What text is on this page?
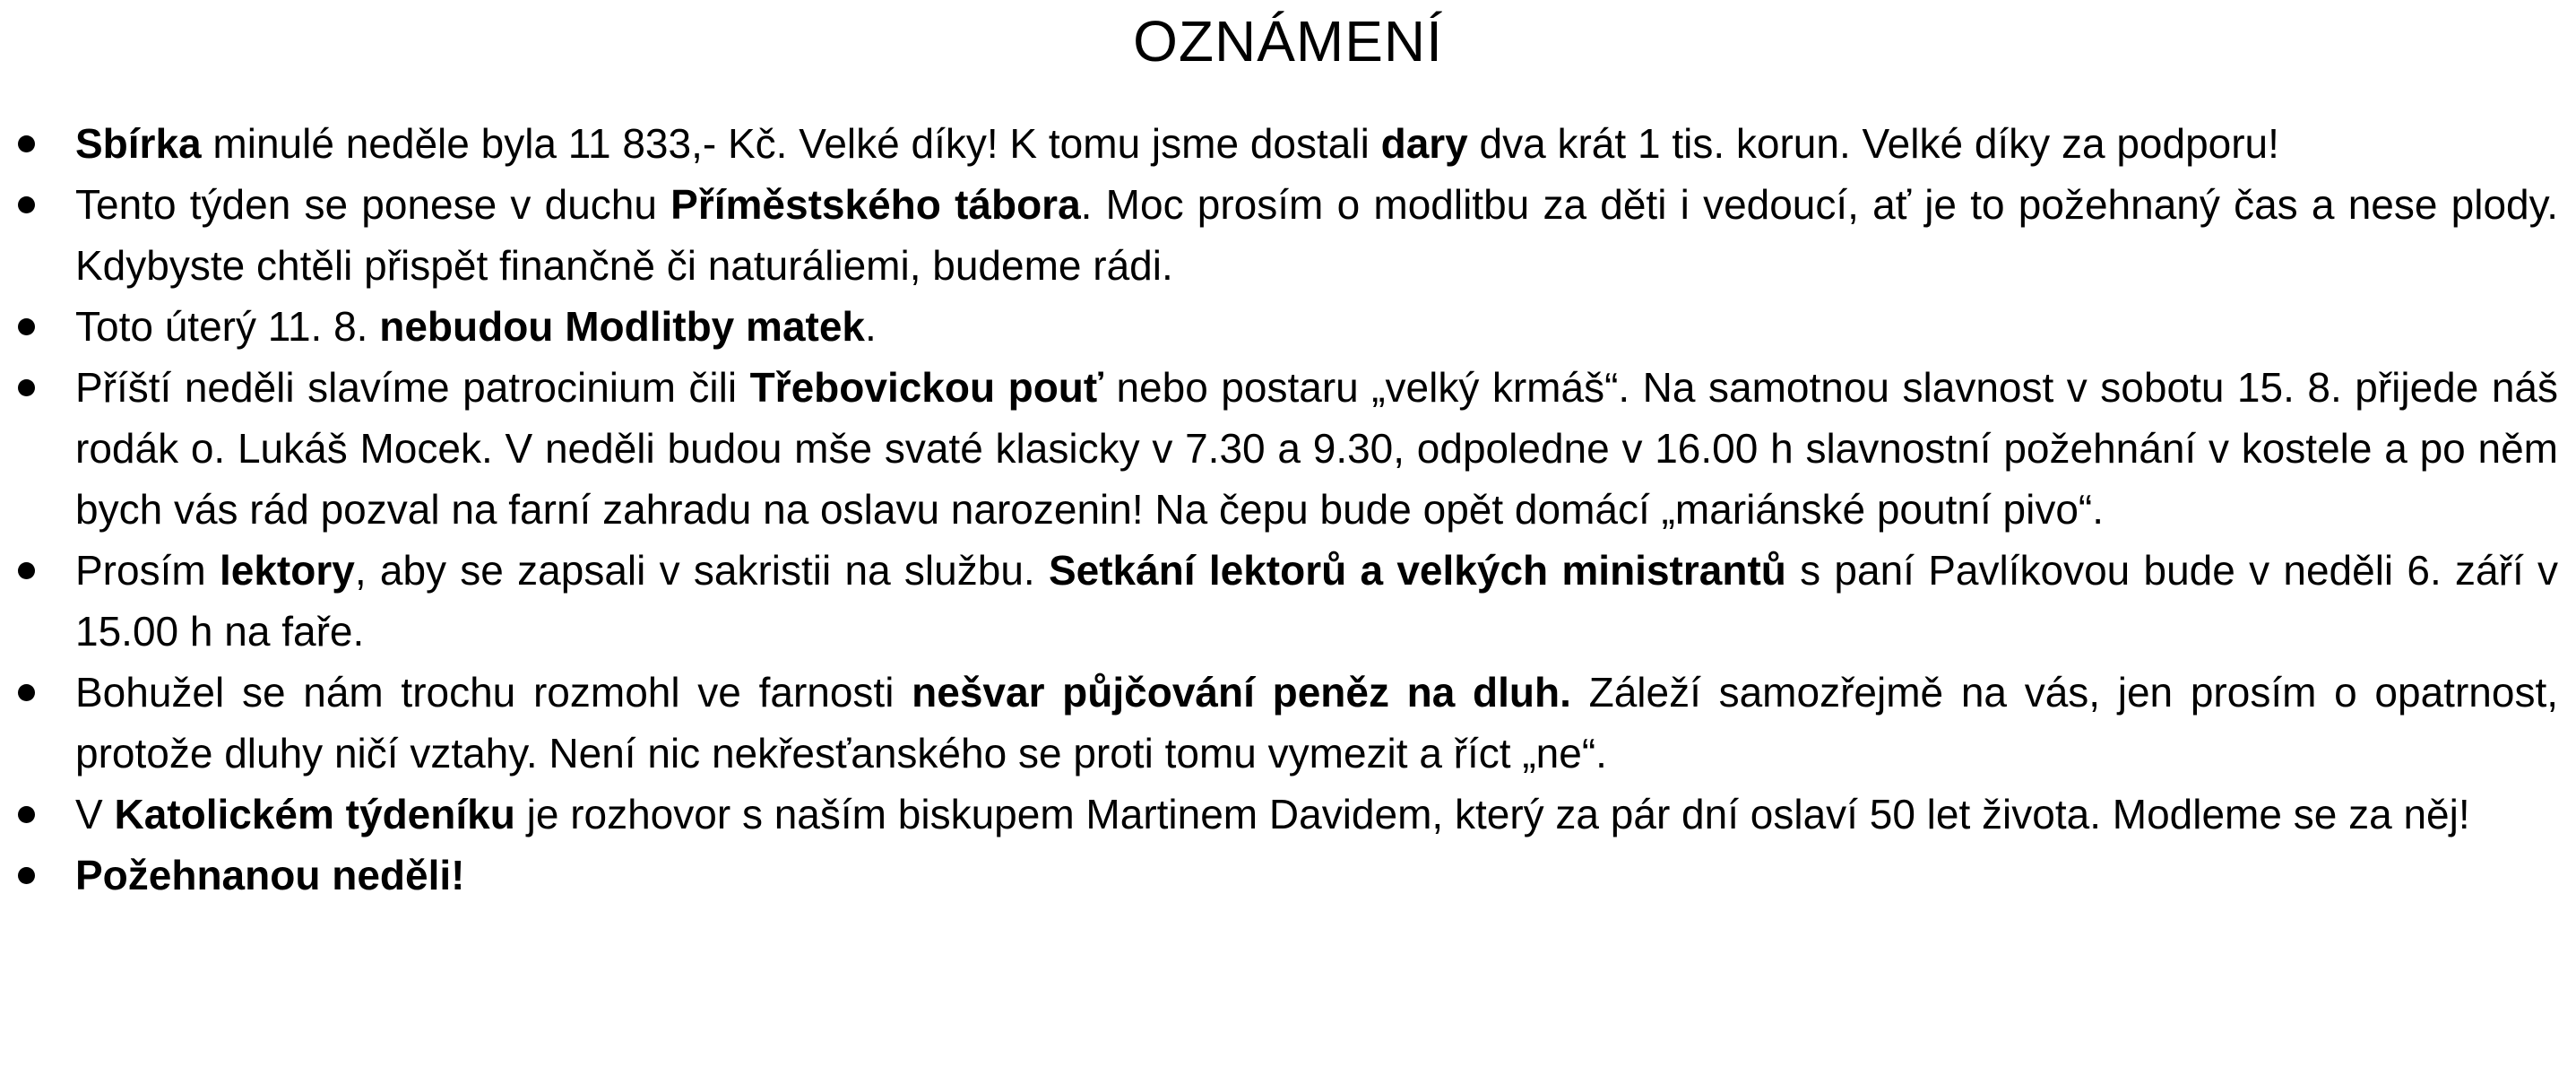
OZNÁMENÍ
Sbírka minulé neděle byla 11 833,- Kč. Velké díky! K tomu jsme dostali dary dva krát 1 tis. korun. Velké díky za podporu!
Tento týden se ponese v duchu Příměstského tábora. Moc prosím o modlitbu za děti i vedoucí, ať je to požehnaný čas a nese plody. Kdybyste chtěli přispět finančně či naturáliemi, budeme rádi.
Toto úterý 11. 8. nebudou Modlitby matek.
Příští neděli slavíme patrocinium čili Třebovickou pouť nebo postaru „velký krmáš“. Na samotnou slavnost v sobotu 15. 8. přijede náš rodák o. Lukáš Mocek. V neděli budou mše svaté klasicky v 7.30 a 9.30, odpoledne v 16.00 h slavnostní požehnání v kostele a po něm bych vás rád pozval na farní zahradu na oslavu narozenin! Na čepu bude opět domácí „mariánské poutní pivo“.
Prosím lektory, aby se zapsali v sakristii na službu. Setkání lektorů a velkých ministrantů s paní Pavlíkovou bude v neděli 6. září v 15.00 h na faře.
Bohužel se nám trochu rozmohl ve farnosti nešvar půjčování peněz na dluh. Záleží samozřejmě na vás, jen prosím o opatrnost, protože dluhy ničí vztahy. Není nic nekřesťanského se proti tomu vymezit a říct „ne“.
V Katolickém týdeníku je rozhovor s naším biskupem Martinem Davidem, který za pár dní oslaví 50 let života. Modleme se za něj!
Požehnanou neděli!
